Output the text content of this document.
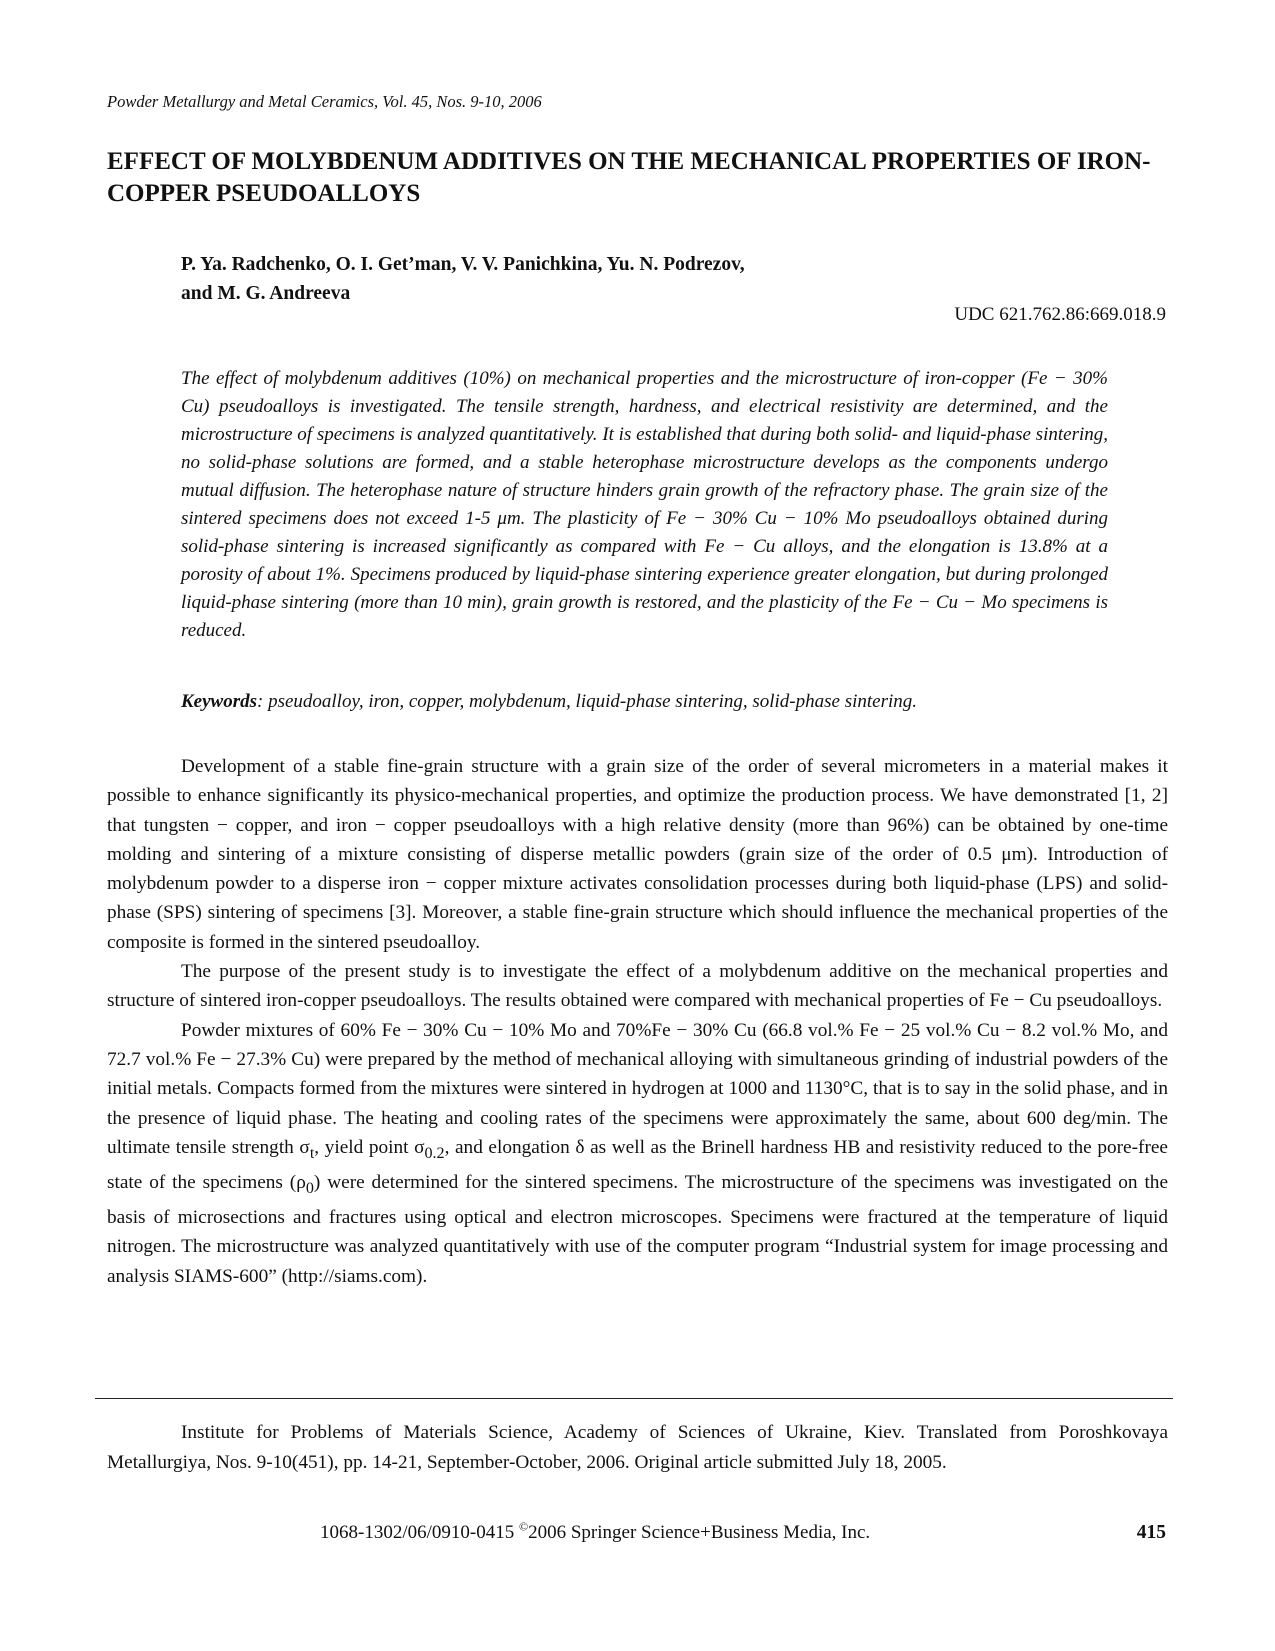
Powder Metallurgy and Metal Ceramics, Vol. 45, Nos. 9-10, 2006
EFFECT OF MOLYBDENUM ADDITIVES ON THE MECHANICAL PROPERTIES OF IRON-COPPER PSEUDOALLOYS
P. Ya. Radchenko, O. I. Get’man, V. V. Panichkina, Yu. N. Podrezov,
and M. G. Andreeva
UDC 621.762.86:669.018.9

The effect of molybdenum additives (10%) on mechanical properties and the microstructure of iron-copper (Fe − 30% Cu) pseudoalloys is investigated. The tensile strength, hardness, and electrical resistivity are determined, and the microstructure of specimens is analyzed quantitatively. It is established that during both solid- and liquid-phase sintering, no solid-phase solutions are formed, and a stable heterophase microstructure develops as the components undergo mutual diffusion. The heterophase nature of structure hinders grain growth of the refractory phase. The grain size of the sintered specimens does not exceed 1-5 μm. The plasticity of Fe − 30% Cu − 10% Mo pseudoalloys obtained during solid-phase sintering is increased significantly as compared with Fe − Cu alloys, and the elongation is 13.8% at a porosity of about 1%. Specimens produced by liquid-phase sintering experience greater elongation, but during prolonged liquid-phase sintering (more than 10 min), grain growth is restored, and the plasticity of the Fe − Cu − Mo specimens is reduced.

Keywords: pseudoalloy, iron, copper, molybdenum, liquid-phase sintering, solid-phase sintering.

Development of a stable fine-grain structure with a grain size of the order of several micrometers in a material makes it possible to enhance significantly its physico-mechanical properties, and optimize the production process. We have demonstrated [1, 2] that tungsten − copper, and iron − copper pseudoalloys with a high relative density (more than 96%) can be obtained by one-time molding and sintering of a mixture consisting of disperse metallic powders (grain size of the order of 0.5 μm). Introduction of molybdenum powder to a disperse iron − copper mixture activates consolidation processes during both liquid-phase (LPS) and solid-phase (SPS) sintering of specimens [3]. Moreover, a stable fine-grain structure which should influence the mechanical properties of the composite is formed in the sintered pseudoalloy.

The purpose of the present study is to investigate the effect of a molybdenum additive on the mechanical properties and structure of sintered iron-copper pseudoalloys. The results obtained were compared with mechanical properties of Fe − Cu pseudoalloys.

Powder mixtures of 60% Fe − 30% Cu − 10% Mo and 70%Fe − 30% Cu (66.8 vol.% Fe − 25 vol.% Cu − 8.2 vol.% Mo, and 72.7 vol.% Fe − 27.3% Cu) were prepared by the method of mechanical alloying with simultaneous grinding of industrial powders of the initial metals. Compacts formed from the mixtures were sintered in hydrogen at 1000 and 1130°C, that is to say in the solid phase, and in the presence of liquid phase. The heating and cooling rates of the specimens were approximately the same, about 600 deg/min. The ultimate tensile strength $\sigma_t$, yield point $\sigma_{0.2}$, and elongation δ as well as the Brinell hardness HB and resistivity reduced to the pore-free state of the specimens $(\rho_0)$ were determined for the sintered specimens. The microstructure of the specimens was investigated on the basis of microsections and fractures using optical and electron microscopes. Specimens were fractured at the temperature of liquid nitrogen. The microstructure was analyzed quantitatively with use of the computer program “Industrial system for image processing and analysis SIAMS-600” (http://siams.com).

Institute for Problems of Materials Science, Academy of Sciences of Ukraine, Kiev. Translated from Poroshkovaya Metallurgiya, Nos. 9-10(451), pp. 14-21, September-October, 2006. Original article submitted July 18, 2005.

1068-1302/06/0910-0415 ©2006 Springer Science+Business Media, Inc.	415
